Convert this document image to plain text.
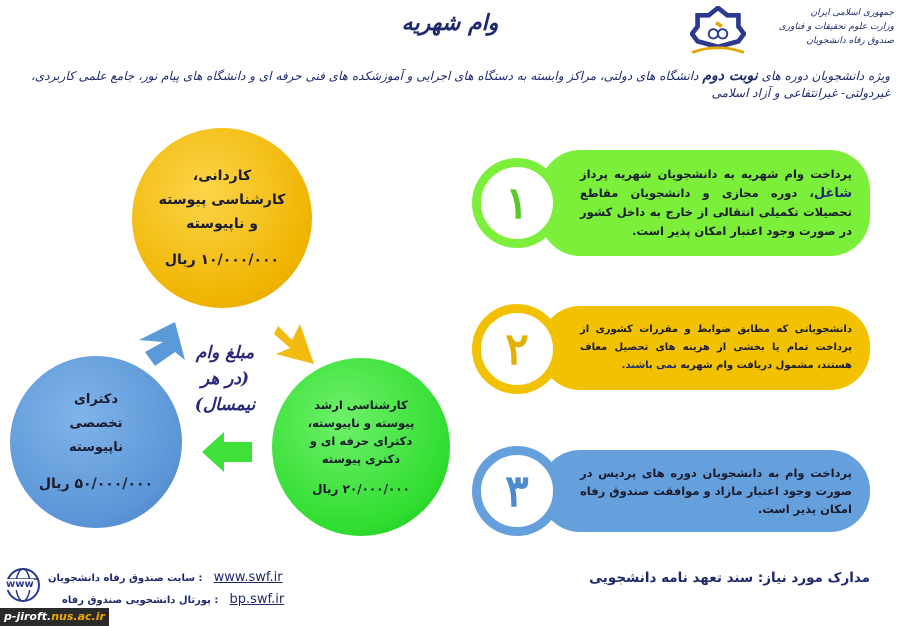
وام شهریه	جمهوری اسلامی ایران
وزارت علوم تحقیقات و فناوری
صندوق رفاه دانشجویان
ویژه دانشجویان دوره های نوبت دوم دانشگاه های دولتی، مراکز وابسته به دستگاه های اجرایی و آموزشکده های فنی حرفه ای و دانشگاه های پیام نور، جامع علمی کاربردی، غیردولتی- غیرانتفاعی و آزاد اسلامی
کاردانی، کارشناسی پیوسته و ناپیوسته
۱۰/۰۰۰/۰۰۰ ریال
کارشناسی ارشد پیوسته و ناپیوسته، دکترای حرفه ای و دکتری پیوسته
۲۰/۰۰۰/۰۰۰ ریال
دکترای تخصصی ناپیوسته
۵۰/۰۰۰/۰۰۰ ریال
مبلغ وام
(در هر نیمسال)
پرداخت وام شهریه به دانشجویان شهریه پرداز شاغل، دوره مجازی و دانشجویان مقاطع تحصیلات تکمیلی انتقالی از خارج به داخل کشور در صورت وجود اعتبار امکان پذیر است.
۱
دانشجویانی که مطابق ضوابط و مقررات کشوری از پرداخت تمام یا بخشی از هزینه های تحصیل معاف هستند، مشمول دریافت وام شهریه نمی باشند.
۲
پرداخت وام به دانشجویان دوره های پردیس در صورت وجود اعتبار مازاد و موافقت صندوق رفاه امکان پذیر است.
۳
مدارک مورد نیاز: سند تعهد نامه دانشجویی
www
: سایت صندوق رفاه دانشجویان www.swf.ir
: پورتال دانشجویی صندوق رفاه bp.swf.ir
p-jiroft.nus.ac.ir
